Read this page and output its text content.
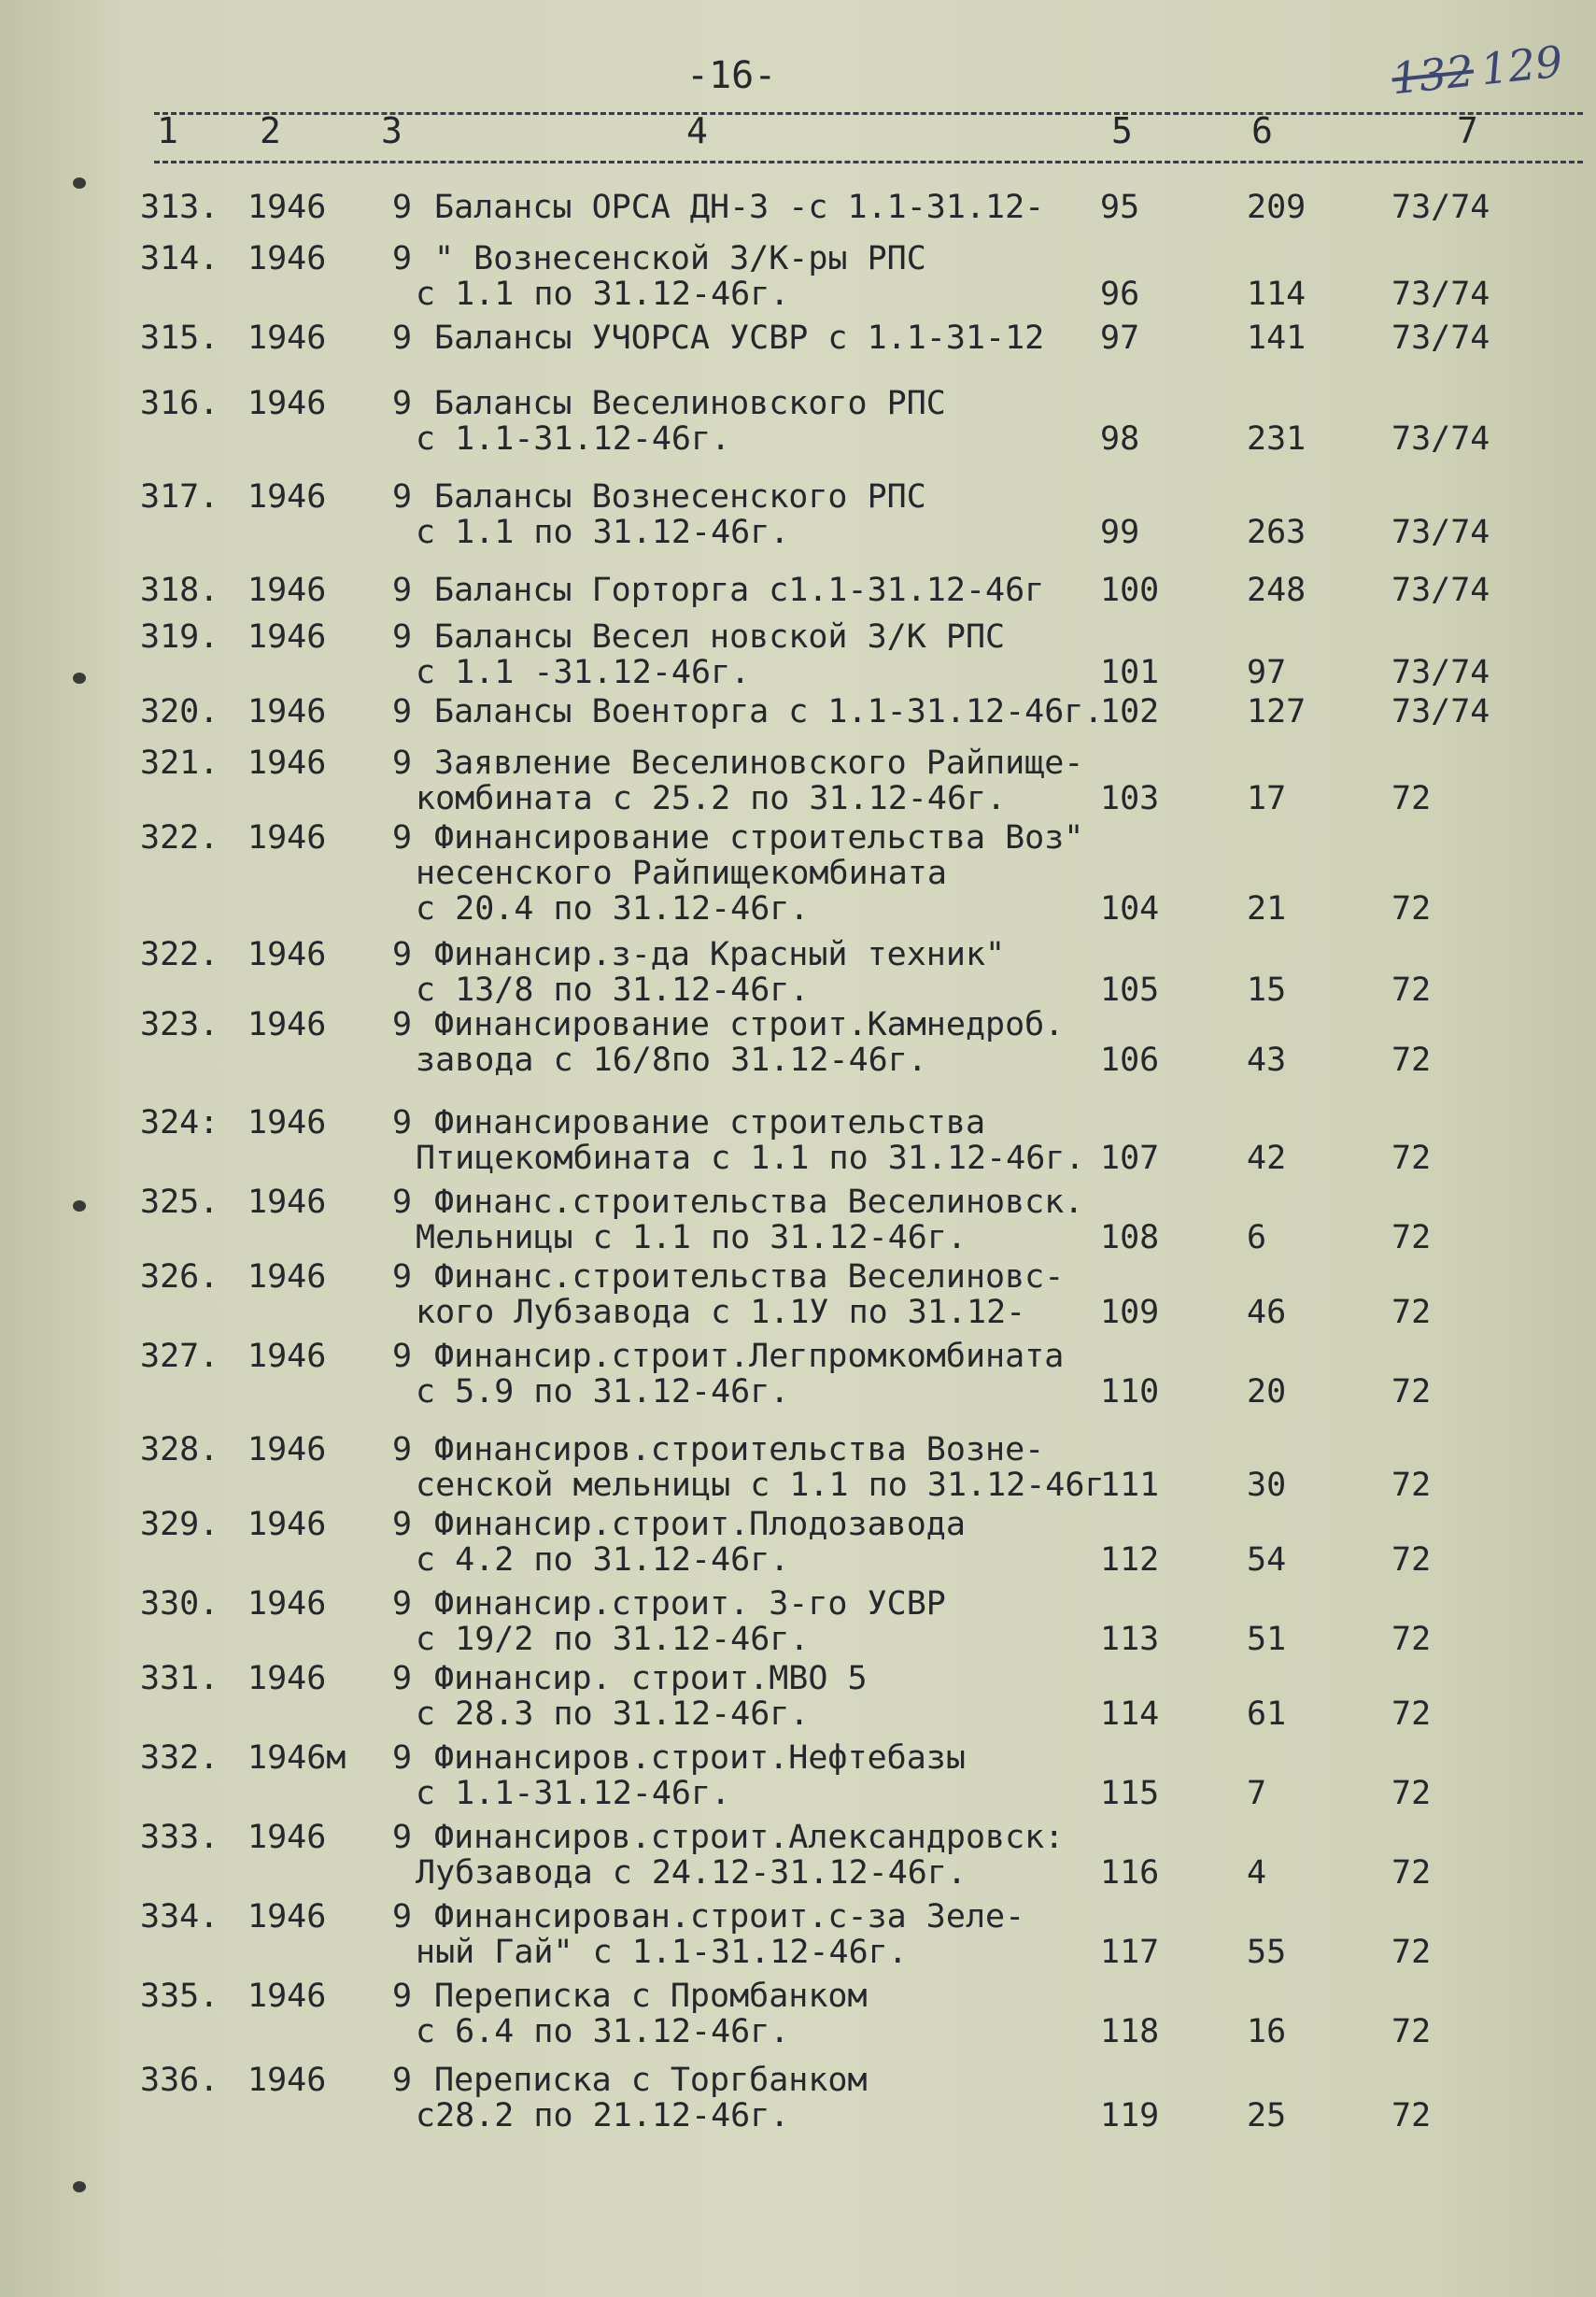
-16-	132129
1 2	3	4	5	6	7
313. 1946 9 Балансы ОРСА ДН-3 -с 1.1-31.12- 95	209	73/74
314. 1946 9 " Вознесенской З/К-ры РПС
с 1.1 по 31.12-46г.	96	114	73/74
315. 1946 9 Балансы УЧОРСА УСВР с 1.1-31-12 97	141	73/74
316. 1946 9 Балансы Веселиновского РПС
с 1.1-31.12-46г.	98	231	73/74
317. 1946 9 Балансы Вознесенского РПС
с 1.1 по 31.12-46г.	99	263	73/74
318. 1946 9 Балансы Горторга с1.1-31.12-46г 100	248	73/74
319. 1946 9 Балансы Весел новской З/К РПС
с 1.1 -31.12-46г.	101	97	73/74
320. 1946 9 Балансы Военторга с 1.1-31.12-46г.
102	127	73/74
321. 1946 9 Заявление Веселиновского Райпище-
комбината с 25.2 по 31.12-46г.	103	17	72
322. 1946 9 Финансирование строительства Воз"
несенского Райпищекомбината
с 20.4 по 31.12-46г.	104	21	72
322. 1946 9 Финансир.з-да Красный техник"
с 13/8 по 31.12-46г.	105	15	72
323. 1946 9 Финансирование строит.Камнедроб.
завода с 16/8по 31.12-46г.	106	43	72
324: 1946 9 Финансирование строительства
Птицекомбината с 1.1 по 31.12-46г. 107	42	72
325. 1946 9 Финанс.строительства Веселиновск.
Мельницы с 1.1 по 31.12-46г.	108	6	72
326. 1946 9 Финанс.строительства Веселиновс-
кого Лубзавода с 1.1У по 31.12- 109	46	72
327. 1946 9 Финансир.строит.Легпромкомбината
с 5.9 по 31.12-46г.	110	20	72
328. 1946 9 Финансиров.строительства Возне-
сенской мельницы с 1.1 по 31.12-46г
111	30	72
329. 1946 9 Финансир.строит.Плодозавода
с 4.2 по 31.12-46г.	112	54	72
330. 1946 9 Финансир.строит. 3-го УСВР
с 19/2 по 31.12-46г.	113	51	72
331. 1946 9 Финансир. строит.МВО 5
с 28.3 по 31.12-46г.	114	61	72
332. 1946м 9 Финансиров.строит.Нефтебазы
с 1.1-31.12-46г.	115	7	72
333. 1946 9 Финансиров.строит.Александровск:
Лубзавода с 24.12-31.12-46г.	116	4	72
334. 1946 9 Финансирован.строит.с-за Зеле-
ный Гай" с 1.1-31.12-46г.	117	55	72
335. 1946 9 Переписка с Промбанком
с 6.4 по 31.12-46г.	118	16	72
336. 1946 9 Переписка с Торгбанком
с28.2 по 21.12-46г.	119	25	72
